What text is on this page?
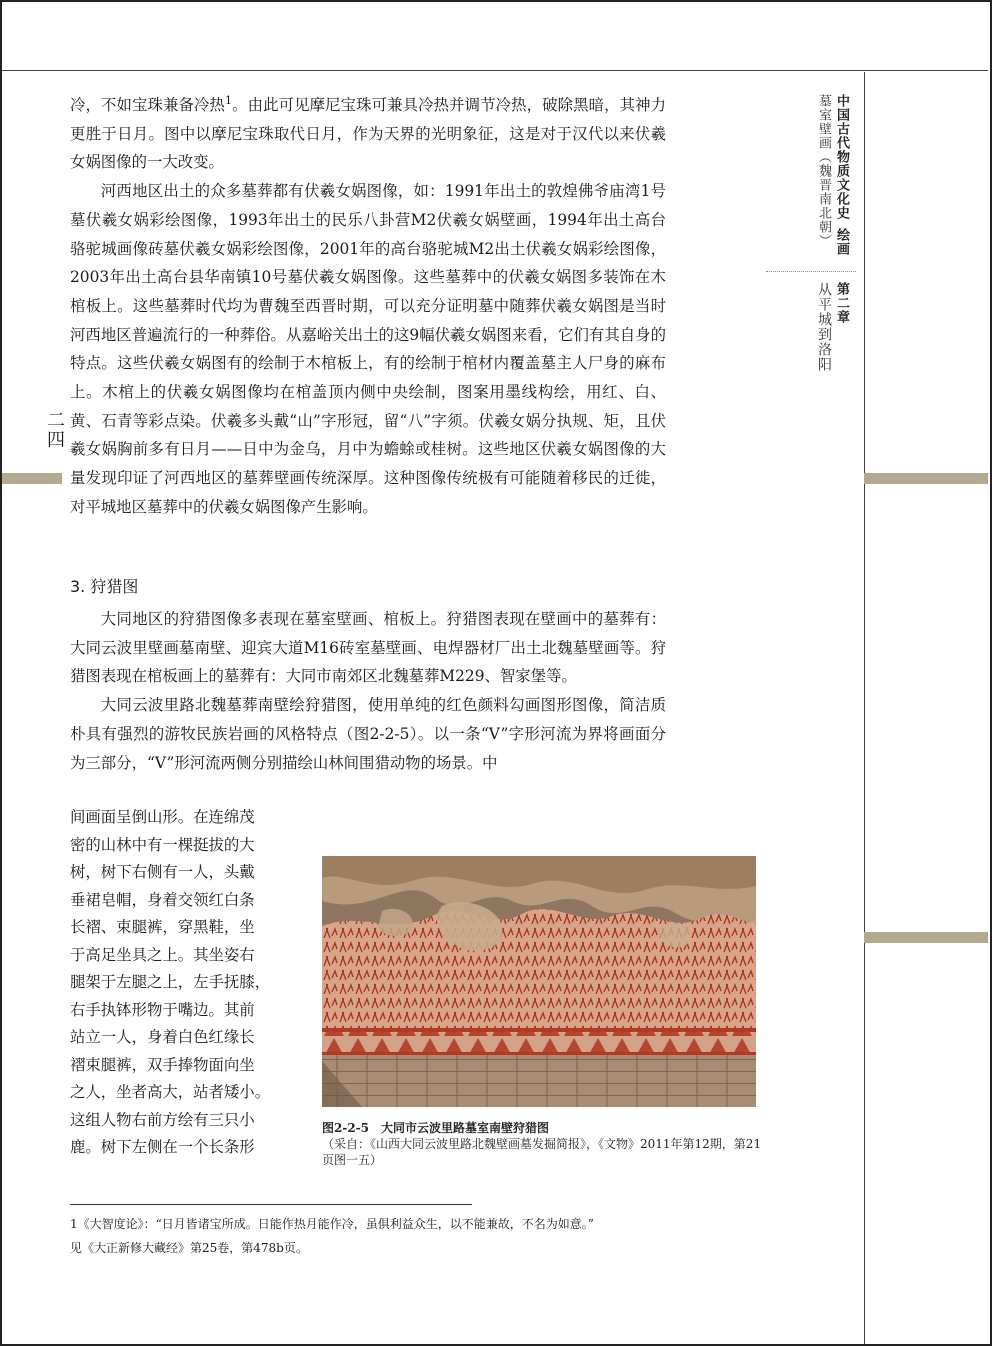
中国古代物质文化史绘画
墓室壁画（魏晋南北朝）
第二章
从平城到洛阳
二四

冷，不如宝珠兼备冷热$^1$。由此可见摩尼宝珠可兼具冷热并调节冷热，破除黑暗，其神力更胜于日月。图中以摩尼宝珠取代日月，作为天界的光明象征，这是对于汉代以来伏羲女娲图像的一大改变。

河西地区出土的众多墓葬都有伏羲女娲图像，如：1991年出土的敦煌佛爷庙湾1号墓伏羲女娲彩绘图像，1993年出土的民乐八卦营M2伏羲女娲壁画，1994年出土高台骆驼城画像砖墓伏羲女娲彩绘图像，2001年的高台骆驼城M2出土伏羲女娲彩绘图像，2003年出土高台县华南镇10号墓伏羲女娲图像。这些墓葬中的伏羲女娲图多装饰在木棺板上。这些墓葬时代均为曹魏至西晋时期，可以充分证明墓中随葬伏羲女娲图是当时河西地区普遍流行的一种葬俗。从嘉峪关出土的这9幅伏羲女娲图来看，它们有其自身的特点。这些伏羲女娲图有的绘制于木棺板上，有的绘制于棺材内覆盖墓主人尸身的麻布上。木棺上的伏羲女娲图像均在棺盖顶内侧中央绘制，图案用墨线构绘，用红、白、黄、石青等彩点染。伏羲多头戴“山”字形冠，留“八”字须。伏羲女娲分执规、矩，且伏羲女娲胸前多有日月——日中为金乌，月中为蟾蜍或桂树。这些地区伏羲女娲图像的大量发现印证了河西地区的墓葬壁画传统深厚。这种图像传统极有可能随着移民的迁徙，对平城地区墓葬中的伏羲女娲图像产生影响。

3. 狩猎图

大同地区的狩猎图像多表现在墓室壁画、棺板上。狩猎图表现在壁画中的墓葬有：大同云波里壁画墓南壁、迎宾大道M16砖室墓壁画、电焊器材厂出土北魏墓壁画等。狩猎图表现在棺板画上的墓葬有：大同市南郊区北魏墓葬M229、智家堡等。

大同云波里路北魏墓葬南壁绘狩猎图，使用单纯的红色颜料勾画图形图像，简洁质朴具有强烈的游牧民族岩画的风格特点（图2-2-5）。以一条“V”字形河流为界将画面分为三部分，“V”形河流两侧分别描绘山林间围猎动物的场景。中

间画面呈倒山形。在连绵茂
密的山林中有一棵挺拔的大
树，树下右侧有一人，头戴
垂裙皂帽，身着交领红白条
长褶、束腿裤，穿黑鞋，坐
于高足坐具之上。其坐姿右
腿架于左腿之上，左手抚膝，
右手执钵形物于嘴边。其前
站立一人，身着白色红缘长
褶束腿裤，双手捧物面向坐
之人，坐者高大，站者矮小。
这组人物右前方绘有三只小
鹿。树下左侧在一个长条形
图2-2-5　大同市云波里路墓室南壁狩猎图
（采自：《山西大同云波里路北魏壁画墓发掘简报》，《文物》2011年第12期，第21页图一五）
1《大智度论》：“日月皆诸宝所成。日能作热月能作冷，虽俱利益众生，以不能兼故，不名为如意。”
见《大正新修大藏经》第25卷，第478b页。
